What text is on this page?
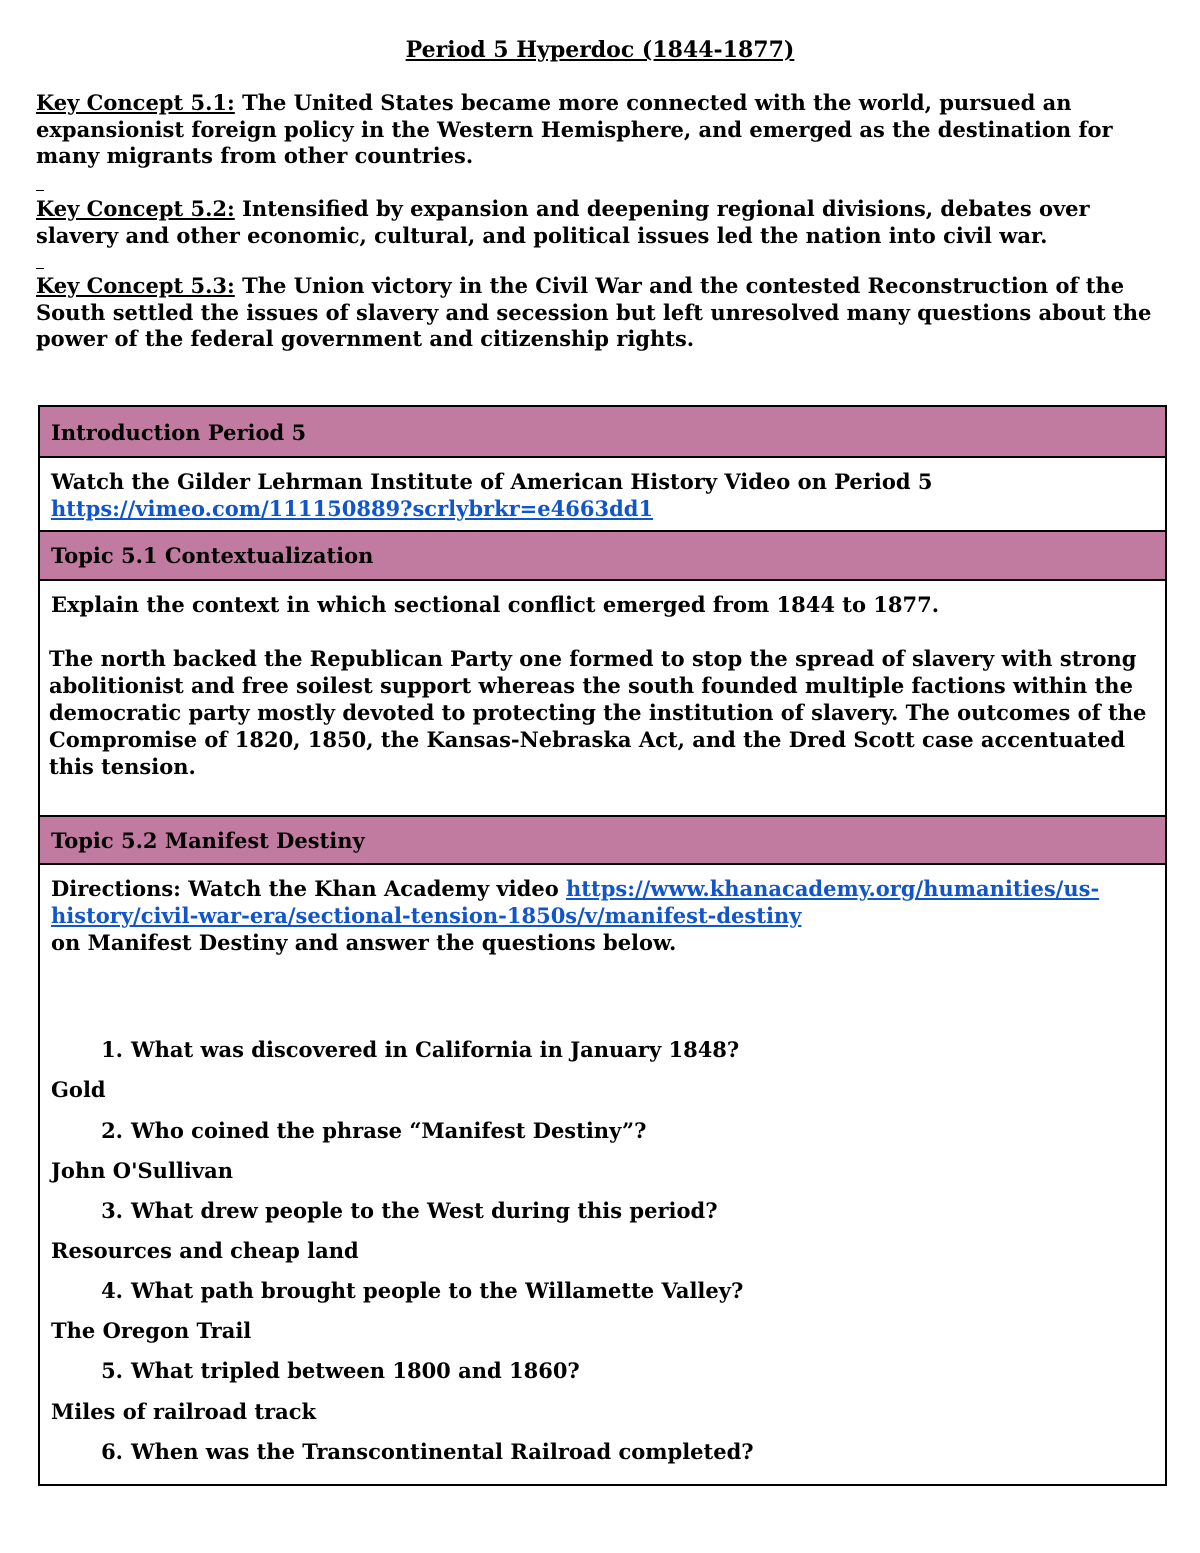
Period 5 Hyperdoc (1844-1877)

Key Concept 5.1: The United States became more connected with the world, pursued an expansionist foreign policy in the Western Hemisphere, and emerged as the destination for many migrants from other countries.

Key Concept 5.2: Intensified by expansion and deepening regional divisions, debates over slavery and other economic, cultural, and political issues led the nation into civil war.

Key Concept 5.3: The Union victory in the Civil War and the contested Reconstruction of the South settled the issues of slavery and secession but left unresolved many questions about the power of the federal government and citizenship rights.

Introduction Period 5
Watch the Gilder Lehrman Institute of American History Video on Period 5
https://vimeo.com/111150889?scrlybrkr=e4663dd1
Topic 5.1 Contextualization
Explain the context in which sectional conflict emerged from 1844 to 1877.
The north backed the Republican Party one formed to stop the spread of slavery with strong abolitionist and free soilest support whereas the south founded multiple factions within the democratic party mostly devoted to protecting the institution of slavery. The outcomes of the Compromise of 1820, 1850, the Kansas-Nebraska Act, and the Dred Scott case accentuated this tension.
Topic 5.2 Manifest Destiny
Directions: Watch the Khan Academy video https://www.khanacademy.org/humanities/us-history/civil-war-era/sectional-tension-1850s/v/manifest-destiny
on Manifest Destiny and answer the questions below.
1. What was discovered in California in January 1848?
Gold
2. Who coined the phrase “Manifest Destiny”?
John O'Sullivan
3. What drew people to the West during this period?
Resources and cheap land
4. What path brought people to the Willamette Valley?
The Oregon Trail
5. What tripled between 1800 and 1860?
Miles of railroad track
6. When was the Transcontinental Railroad completed?
